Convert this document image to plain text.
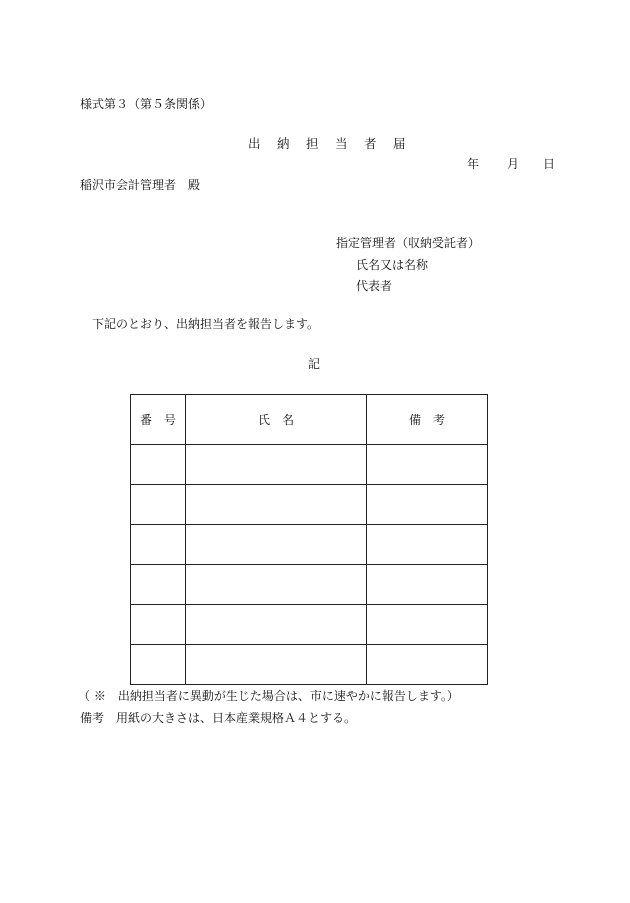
様式第３（第５条関係）
出　納　担　当　者　届
年 月 日
稲沢市会計管理者　殿
指定管理者（収納受託者）
氏名又は名称
代表者
下記のとおり、出納担当者を報告します。
記
番　号	氏　名	備　考

（ ※　出納担当者に異動が生じた場合は、市に速やかに報告します。）
備考　用紙の大きさは、日本産業規格Ａ４とする。
